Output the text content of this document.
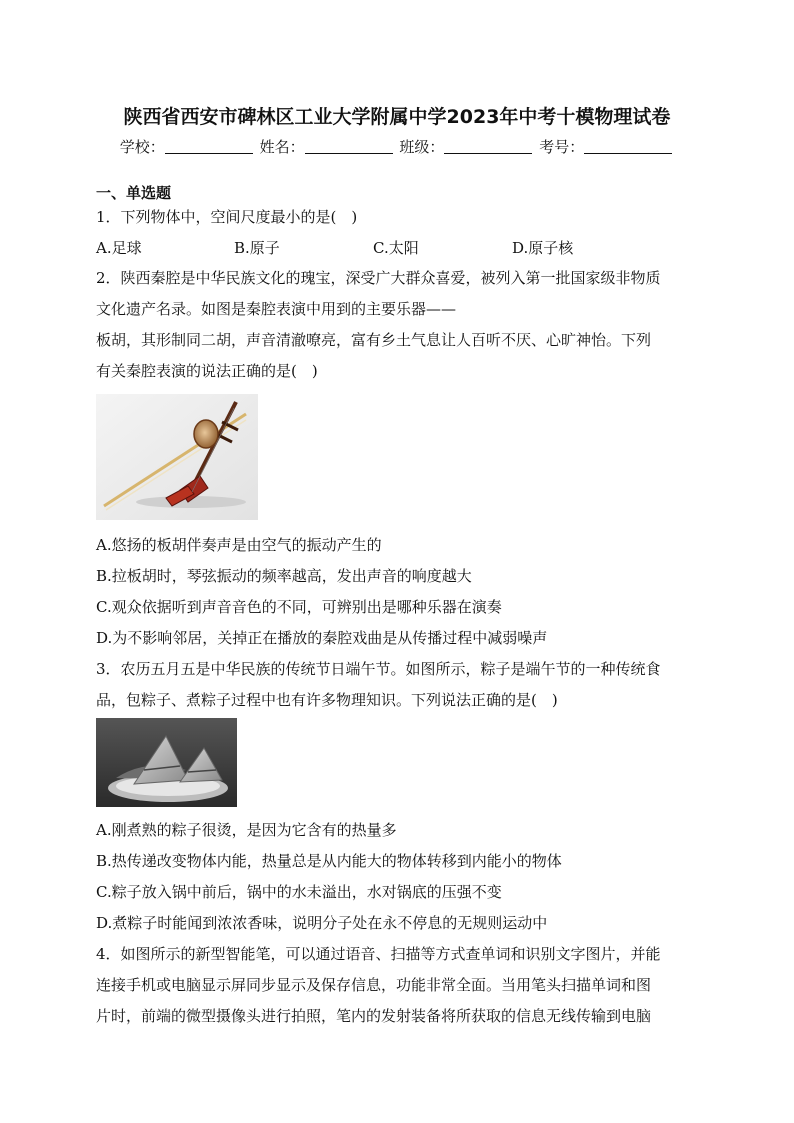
陕西省西安市碑林区工业大学附属中学2023年中考十模物理试卷
学校：	姓名：	班级：	考号：
一、单选题
1．下列物体中，空间尺度最小的是(　)
A.足球	B.原子	C.太阳	D.原子核
2．陕西秦腔是中华民族文化的瑰宝，深受广大群众喜爱，被列入第一批国家级非物质
文化遗产名录。如图是秦腔表演中用到的主要乐器——
板胡，其形制同二胡，声音清澈嘹亮，富有乡土气息让人百听不厌、心旷神怡。下列
有关秦腔表演的说法正确的是(　)
A.悠扬的板胡伴奏声是由空气的振动产生的
B.拉板胡时，琴弦振动的频率越高，发出声音的响度越大
C.观众依据听到声音音色的不同，可辨别出是哪种乐器在演奏
D.为不影响邻居，关掉正在播放的秦腔戏曲是从传播过程中减弱噪声
3．农历五月五是中华民族的传统节日端午节。如图所示，粽子是端午节的一种传统食
品，包粽子、煮粽子过程中也有许多物理知识。下列说法正确的是(　)
A.刚煮熟的粽子很烫，是因为它含有的热量多
B.热传递改变物体内能，热量总是从内能大的物体转移到内能小的物体
C.粽子放入锅中前后，锅中的水未溢出，水对锅底的压强不变
D.煮粽子时能闻到浓浓香味，说明分子处在永不停息的无规则运动中
4．如图所示的新型智能笔，可以通过语音、扫描等方式查单词和识别文字图片，并能
连接手机或电脑显示屏同步显示及保存信息，功能非常全面。当用笔头扫描单词和图
片时，前端的微型摄像头进行拍照，笔内的发射装备将所获取的信息无线传输到电脑
